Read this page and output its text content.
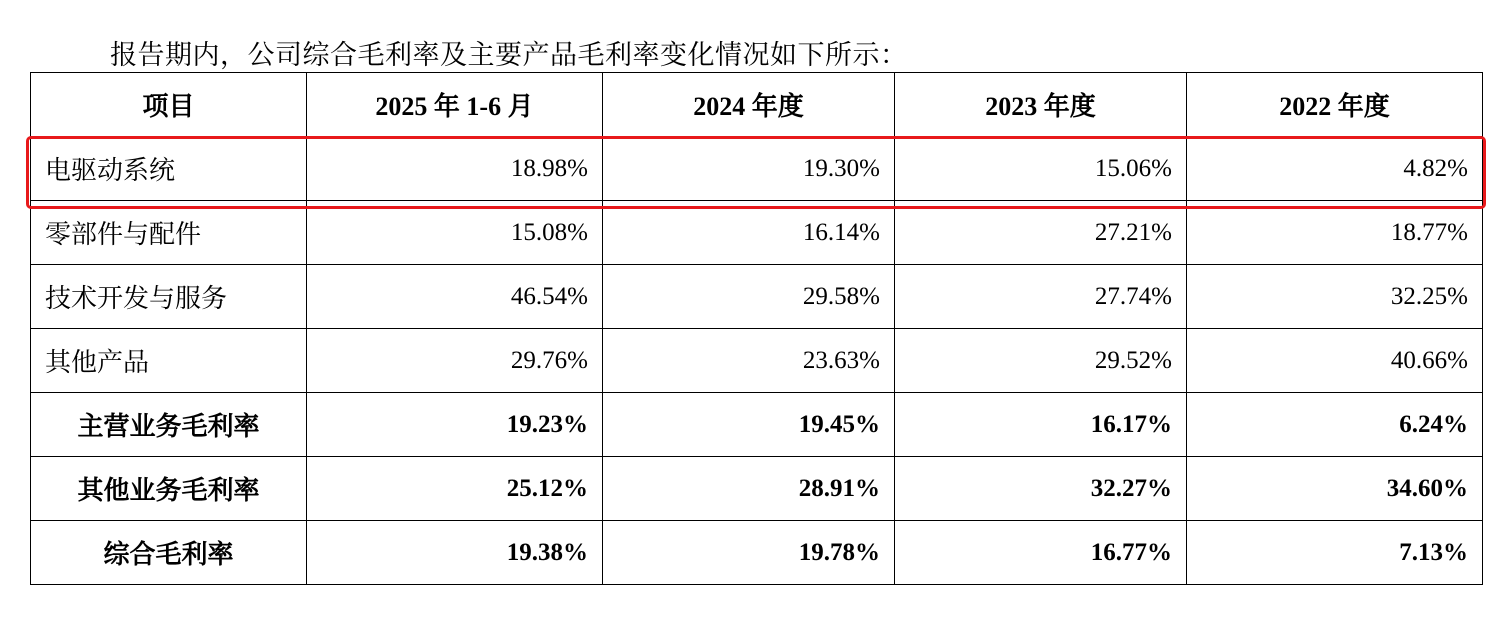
报告期内，公司综合毛利率及主要产品毛利率变化情况如下所示：

项目	2025 年 1-6 月	2024 年度	2023 年度	2022 年度
电驱动系统	18.98%	19.30%	15.06%	4.82%
零部件与配件	15.08%	16.14%	27.21%	18.77%
技术开发与服务	46.54%	29.58%	27.74%	32.25%
其他产品	29.76%	23.63%	29.52%	40.66%
主营业务毛利率	19.23%	19.45%	16.17%	6.24%
其他业务毛利率	25.12%	28.91%	32.27%	34.60%
综合毛利率	19.38%	19.78%	16.77%	7.13%
